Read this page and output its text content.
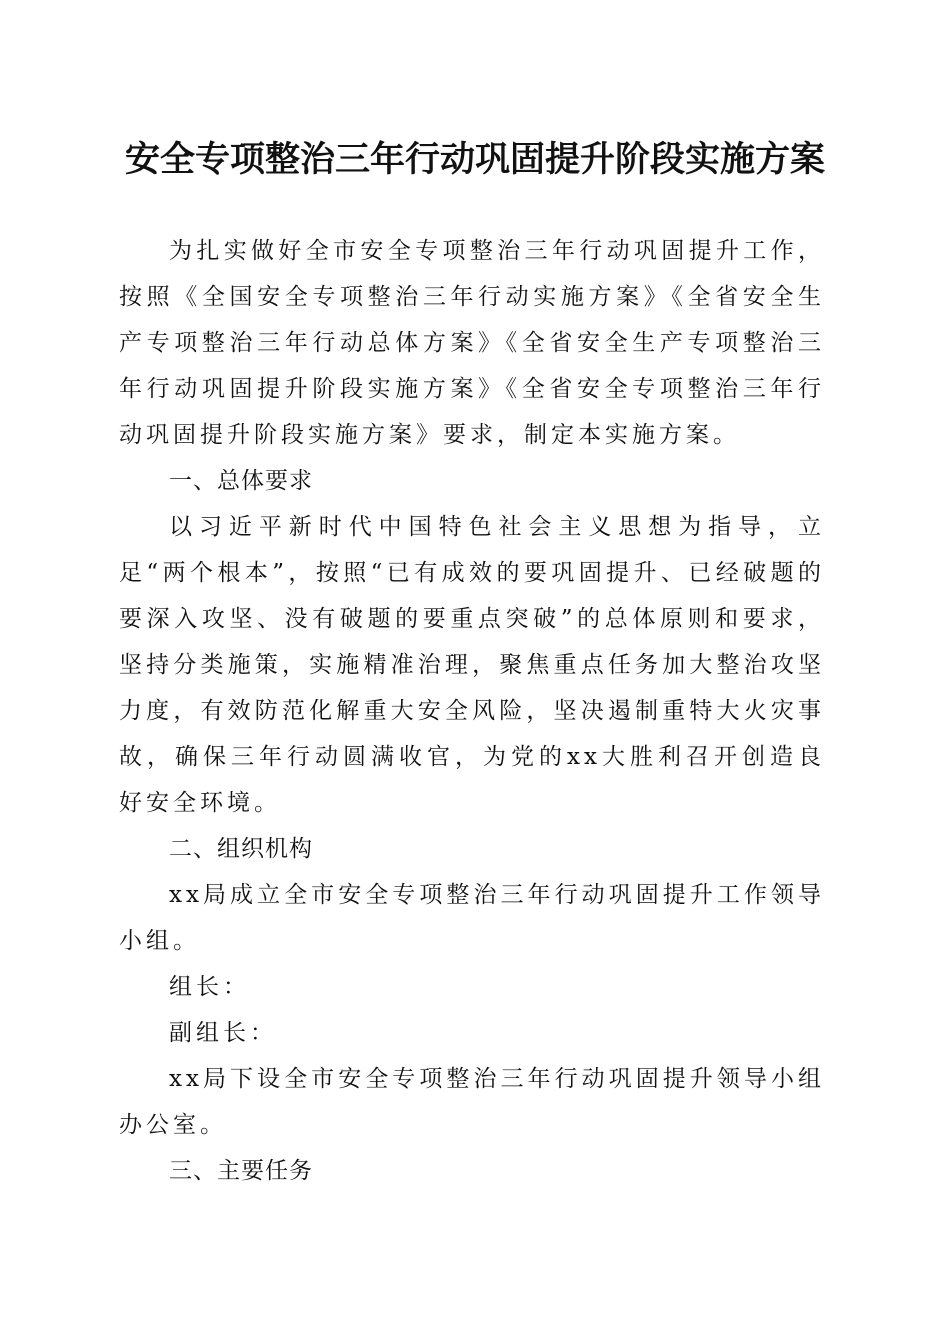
安全专项整治三年行动巩固提升阶段实施方案

为扎实做好全市安全专项整治三年行动巩固提升工作，按照《全国安全专项整治三年行动实施方案》《全省安全生产专项整治三年行动总体方案》《全省安全生产专项整治三年行动巩固提升阶段实施方案》《全省安全专项整治三年行动巩固提升阶段实施方案》要求，制定本实施方案。

一、总体要求

以习近平新时代中国特色社会主义思想为指导，立足“两个根本”，按照“已有成效的要巩固提升、已经破题的要深入攻坚、没有破题的要重点突破”的总体原则和要求，坚持分类施策，实施精准治理，聚焦重点任务加大整治攻坚力度，有效防范化解重大安全风险，坚决遏制重特大火灾事故，确保三年行动圆满收官，为党的xx大胜利召开创造良好安全环境。

二、组织机构

xx局成立全市安全专项整治三年行动巩固提升工作领导小组。

组长：

副组长：

xx局下设全市安全专项整治三年行动巩固提升领导小组办公室。

三、主要任务
